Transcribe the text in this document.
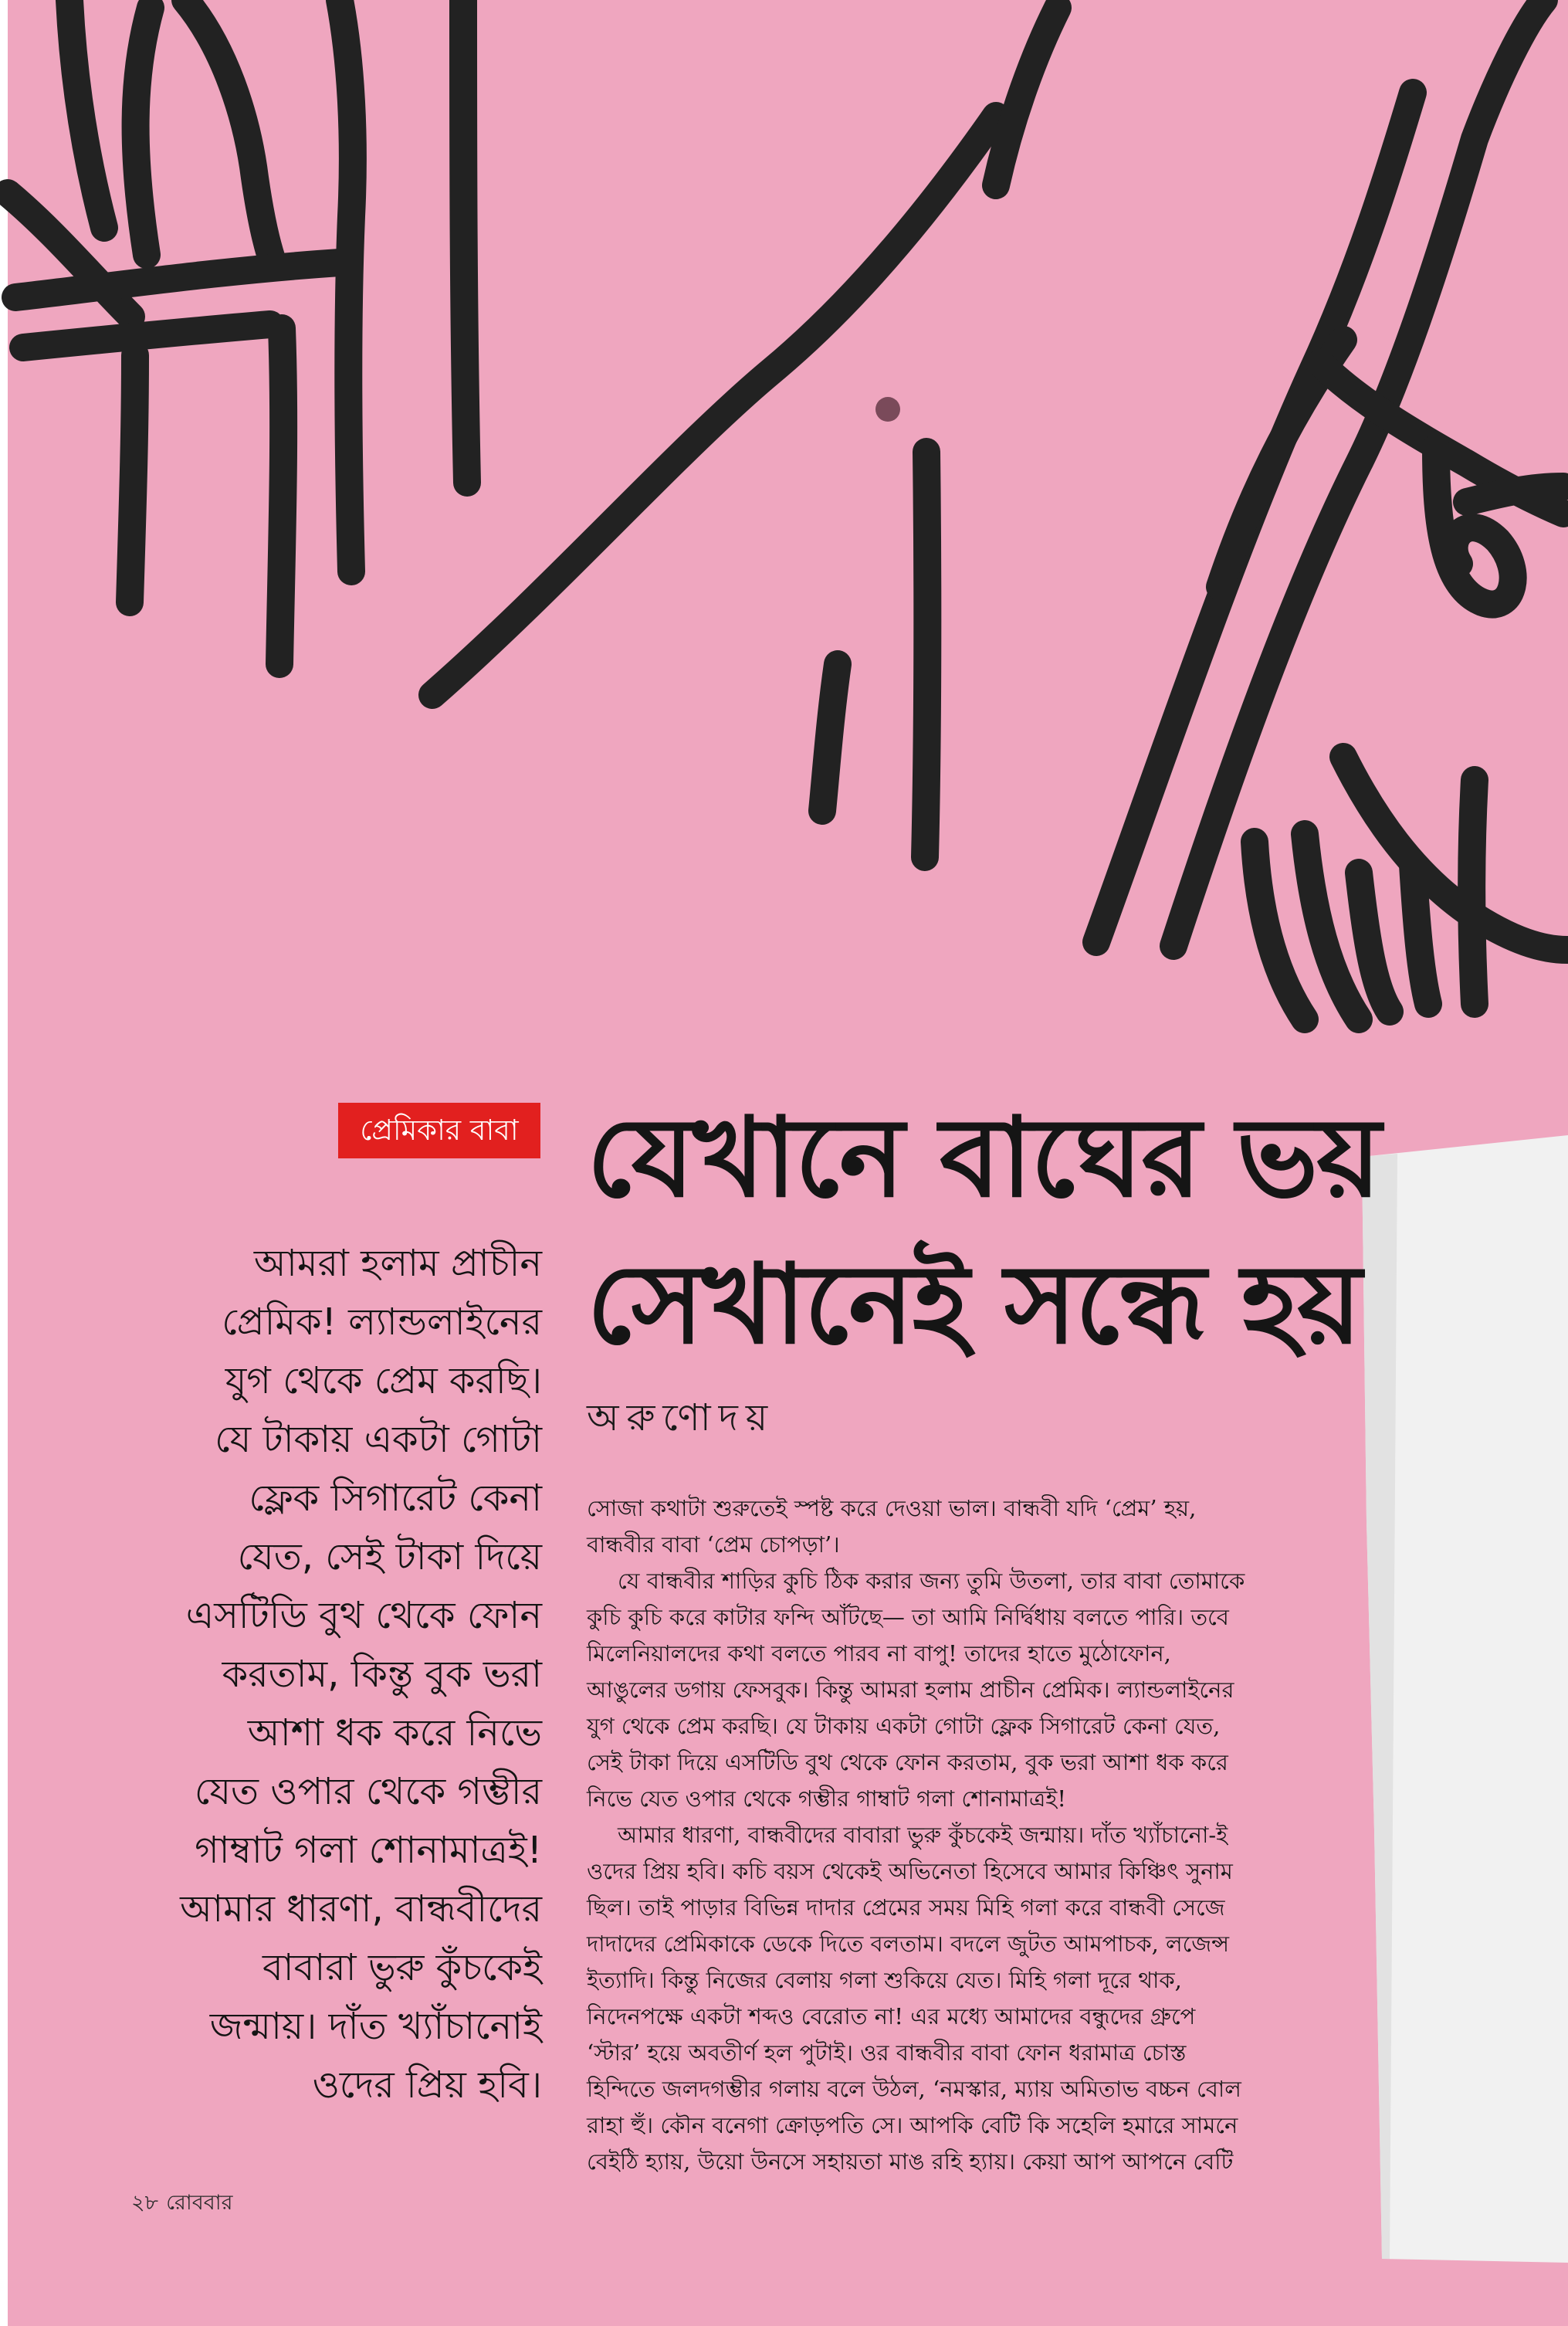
প্রেমিকার বাবা যেখানে বাঘের ভয়
সেখানেই সন্ধে হয়
অরুণোদয়
আমরা হলাম প্রাচীন
প্রেমিক! ল্যান্ডলাইনের
যুগ থেকে প্রেম করছি।
যে টাকায় একটা গোটা
ফ্লেক সিগারেট কেনা
যেত, সেই টাকা দিয়ে
এসটিডি বুথ থেকে ফোন
করতাম, কিন্তু বুক ভরা
আশা ধক করে নিভে
যেত ওপার থেকে গম্ভীর
গাম্বাট গলা শোনামাত্রই!
আমার ধারণা, বান্ধবীদের
বাবারা ভুরু কুঁচকেই
জন্মায়। দাঁত খ্যাঁচানোই
ওদের প্রিয় হবি।
সোজা কথাটা শুরুতেই স্পষ্ট করে দেওয়া ভাল। বান্ধবী যদি ‘প্রেম’ হয়,
বান্ধবীর বাবা ‘প্রেম চোপড়া’।
যে বান্ধবীর শাড়ির কুচি ঠিক করার জন্য তুমি উতলা, তার বাবা তোমাকে
কুচি কুচি করে কাটার ফন্দি আঁটছে— তা আমি নির্দ্বিধায় বলতে পারি। তবে
মিলেনিয়ালদের কথা বলতে পারব না বাপু! তাদের হাতে মুঠোফোন,
আঙুলের ডগায় ফেসবুক। কিন্তু আমরা হলাম প্রাচীন প্রেমিক। ল্যান্ডলাইনের
যুগ থেকে প্রেম করছি। যে টাকায় একটা গোটা ফ্লেক সিগারেট কেনা যেত,
সেই টাকা দিয়ে এসটিডি বুথ থেকে ফোন করতাম, বুক ভরা আশা ধক করে
নিভে যেত ওপার থেকে গম্ভীর গাম্বাট গলা শোনামাত্রই!
আমার ধারণা, বান্ধবীদের বাবারা ভুরু কুঁচকেই জন্মায়। দাঁত খ্যাঁচানো-ই
ওদের প্রিয় হবি। কচি বয়স থেকেই অভিনেতা হিসেবে আমার কিঞ্চিৎ সুনাম
ছিল। তাই পাড়ার বিভিন্ন দাদার প্রেমের সময় মিহি গলা করে বান্ধবী সেজে
দাদাদের প্রেমিকাকে ডেকে দিতে বলতাম। বদলে জুটত আমপাচক, লজেন্স
ইত্যাদি। কিন্তু নিজের বেলায় গলা শুকিয়ে যেত। মিহি গলা দূরে থাক,
নিদেনপক্ষে একটা শব্দও বেরোত না! এর মধ্যে আমাদের বন্ধুদের গ্রুপে
‘স্টার’ হয়ে অবতীর্ণ হল পুটাই। ওর বান্ধবীর বাবা ফোন ধরামাত্র চোস্ত
হিন্দিতে জলদগম্ভীর গলায় বলে উঠল, ‘নমস্কার, ম্যায় অমিতাভ বচ্চন বোল
রাহা হুঁ। কৌন বনেগা ক্রোড়পতি সে। আপকি বেটি কি সহেলি হমারে সামনে
বেইঠি হ্যায়, উয়ো উনসে সহায়তা মাঙ রহি হ্যায়। কেয়া আপ আপনে বেটি
২৮ রোববার
